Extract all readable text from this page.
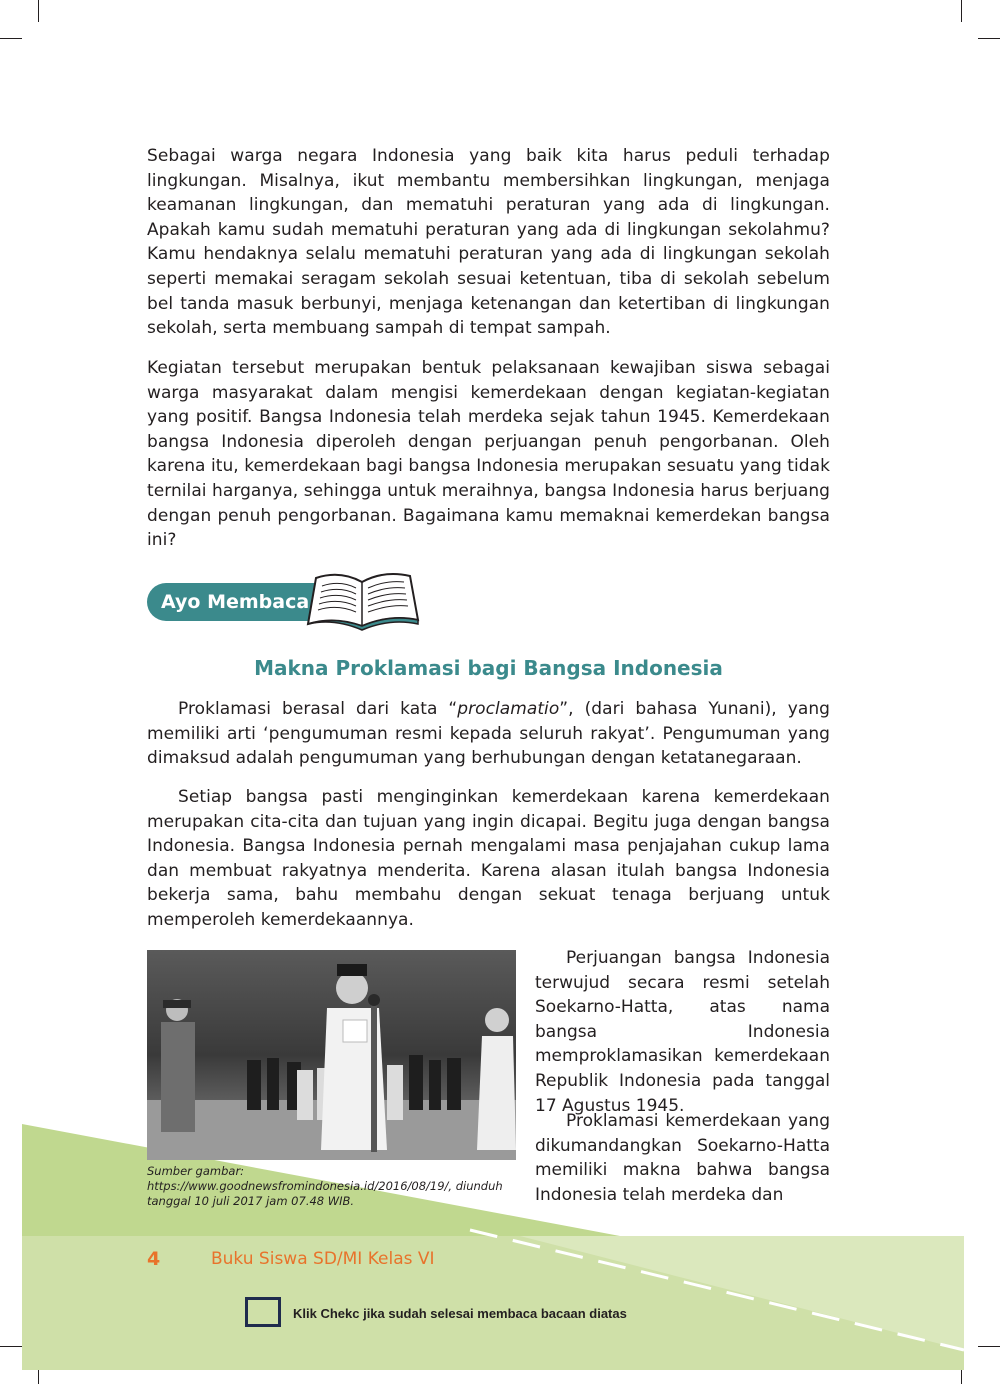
Sebagai warga negara Indonesia yang baik kita harus peduli terhadap lingkungan. Misalnya, ikut membantu membersihkan lingkungan, menjaga keamanan lingkungan, dan mematuhi peraturan yang ada di lingkungan. Apakah kamu sudah mematuhi peraturan yang ada di lingkungan sekolahmu? Kamu hendaknya selalu mematuhi peraturan yang ada di lingkungan sekolah seperti memakai seragam sekolah sesuai ketentuan, tiba di sekolah sebelum bel tanda masuk berbunyi, menjaga ketenangan dan ketertiban di lingkungan sekolah, serta membuang sampah di tempat sampah.

Kegiatan tersebut merupakan bentuk pelaksanaan kewajiban siswa sebagai warga masyarakat dalam mengisi kemerdekaan dengan kegiatan-kegiatan yang positif. Bangsa Indonesia telah merdeka sejak tahun 1945. Kemerdekaan bangsa Indonesia diperoleh dengan perjuangan penuh pengorbanan. Oleh karena itu, kemerdekaan bagi bangsa Indonesia merupakan sesuatu yang tidak ternilai harganya, sehingga untuk meraihnya, bangsa Indonesia harus berjuang dengan penuh pengorbanan. Bagaimana kamu memaknai kemerdekan bangsa ini?

Ayo Membaca
Makna Proklamasi bagi Bangsa Indonesia

Proklamasi berasal dari kata “proclamatio”, (dari bahasa Yunani), yang memiliki arti ‘pengumuman resmi kepada seluruh rakyat’. Pengumuman yang dimaksud adalah pengumuman yang berhubungan dengan ketatanegaraan.

Setiap bangsa pasti menginginkan kemerdekaan karena kemerdekaan merupakan cita-cita dan tujuan yang ingin dicapai. Begitu juga dengan bangsa Indonesia. Bangsa Indonesia pernah mengalami masa penjajahan cukup lama dan membuat rakyatnya menderita. Karena alasan itulah bangsa Indonesia bekerja sama, bahu membahu dengan sekuat tenaga berjuang untuk memperoleh kemerdekaannya.

Sumber gambar: https://www.goodnewsfromindonesia.id/2016/08/19/, diunduh tanggal 10 juli 2017 jam 07.48 WIB.

Perjuangan bangsa Indonesia terwujud secara resmi setelah Soekarno-Hatta, atas nama bangsa Indonesia memproklamasikan kemerdekaan Republik Indonesia pada tanggal 17 Agustus 1945.

Proklamasi kemerdekaan yang dikumandangkan Soekarno-Hatta memiliki makna bahwa bangsa Indonesia telah merdeka dan

4	Buku Siswa SD/MI Kelas VI
Klik Chekc jika sudah selesai membaca bacaan diatas
